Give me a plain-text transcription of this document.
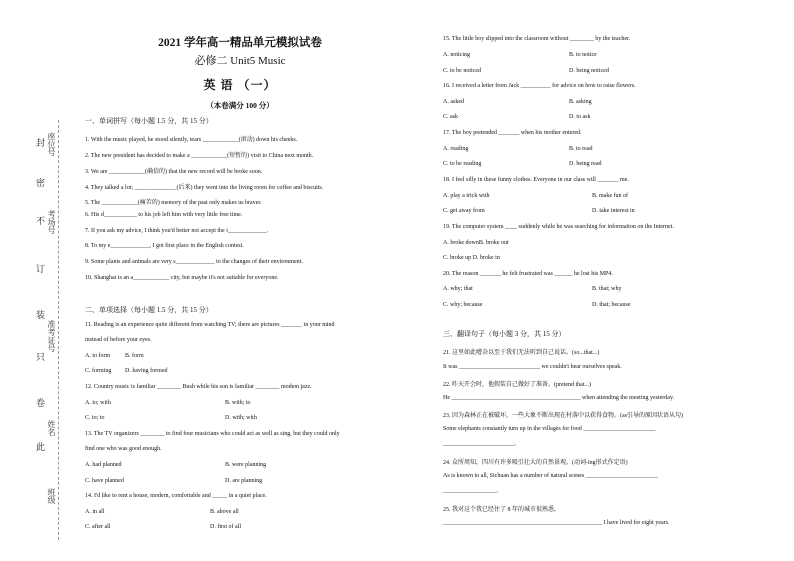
封
密
不
订
装
只
卷
此
座位号
考场号
准考证号
姓名
班级
2021 学年高一精品单元模拟试卷
必修二 Unit5 Music
英 语 （一）
（本卷满分 100 分）
一、单词拼写（每小题 1.5 分，共 15 分）
1. With the music played, he stood silently, tears ____________(滚动) down his cheeks.
2. The new president has decided to make a ____________(短暂的) visit to China next month.
3. We are ____________(确信的) that the new record will be broke soon.
4. They talked a lot; ______________(后来) they went into the living room for coffee and biscuits.
5. The ____________(痛苦的) memory of the past only makes us braver.
6. His d___________ to his job left him with very little free time.
7. If you ask my advice, I think you'd better not accept the i_____________.
8. To my e_____________, I got first place in the English contest.
9. Some plants and animals are very s_____________ to the changes of their environment.
10. Shanghai is an a____________ city, but maybe it's not suitable for everyone.
二、单项选择（每小题 1.5 分，共 15 分）
11. Reading is an experience quite different from watching TV; there are pictures _______ in your mind
instead of before your eyes.
A. to form B. form
C. forming D. having formed
12. Country music is familiar ________ Bush while his son is familiar ________ modem jazz.
A. to; with	B. with; to
C. to; to	D. with; with
13. The TV organizers ________ to find four musicians who could act as well as sing, but they could only
find one who was good enough.
A. had planned	B. were planning
C. have planned	D. are planning
14. I'd like to rent a house, modern, comfortable and _____ in a quiet place.
A. in all	B. above all
C. after all	D. first of all
15. The little boy slipped into the classroom without ________ by the teacher.
A. noticing	B. to notice
C. to be noticed	D. being noticed
16. I received a letter from Jack __________ for advice on how to raise flowers.
A. asked	B. asking
C. ask	D. to ask
17. The boy pretended _______ when his mother entered.
A. reading	B. to read
C. to be reading	D. being read
18. I feel silly in these funny clothes. Everyone in our class will _______ me.
A. play a trick with	B. make fun of
C. get away from	D. take interest in
19. The computer system ____ suddenly while he was searching for information on the Internet.
A. broke downB. broke out
C. broke up D. broke in
20. The reason _______ he felt frustrated was ______ he lost his MP4.
A. why; that	B. that; why
C. why; because	D. that; because
三、翻译句子（每小题 3 分，共 15 分）
21. 这里如此嘈杂以至于我们无法听到自己说话。(so...that...)
It was ___________________________ we couldn't hear ourselves speak.
22. 昨天开会时，他假装自己做好了准备。(pretend that...)
He ___________________________________________ when attending the meeting yesterday.
23. 因为森林正在被破坏，一些大象不断出现在村落中以获得食物。(as引导的原因状语从句)
Some elephants constantly turn up in the villages for food ________________________
________________________.
24. 众所周知，四川有许多吸引壮大的自然景观。(动词-ing形式作定语)
As is known to all, Sichuan has a number of natural scenes ________________________
__________________.
25. 我对这个我已经住了 8 年的城市很熟悉。
_____________________________________________________ I have lived for eight years.
